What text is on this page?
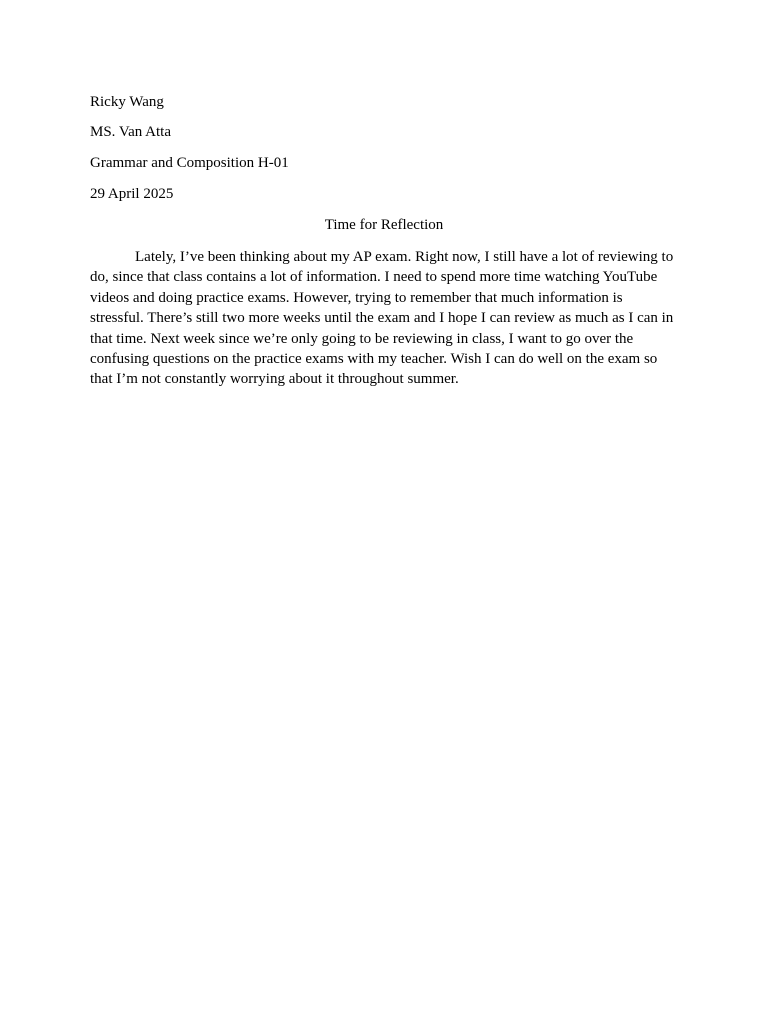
Ricky Wang
MS. Van Atta
Grammar and Composition H-01
29 April 2025
Time for Reflection

Lately, I’ve been thinking about my AP exam. Right now, I still have a lot of reviewing to do, since that class contains a lot of information. I need to spend more time watching YouTube videos and doing practice exams. However, trying to remember that much information is stressful. There’s still two more weeks until the exam and I hope I can review as much as I can in that time. Next week since we’re only going to be reviewing in class, I want to go over the confusing questions on the practice exams with my teacher. Wish I can do well on the exam so that I’m not constantly worrying about it throughout summer.
